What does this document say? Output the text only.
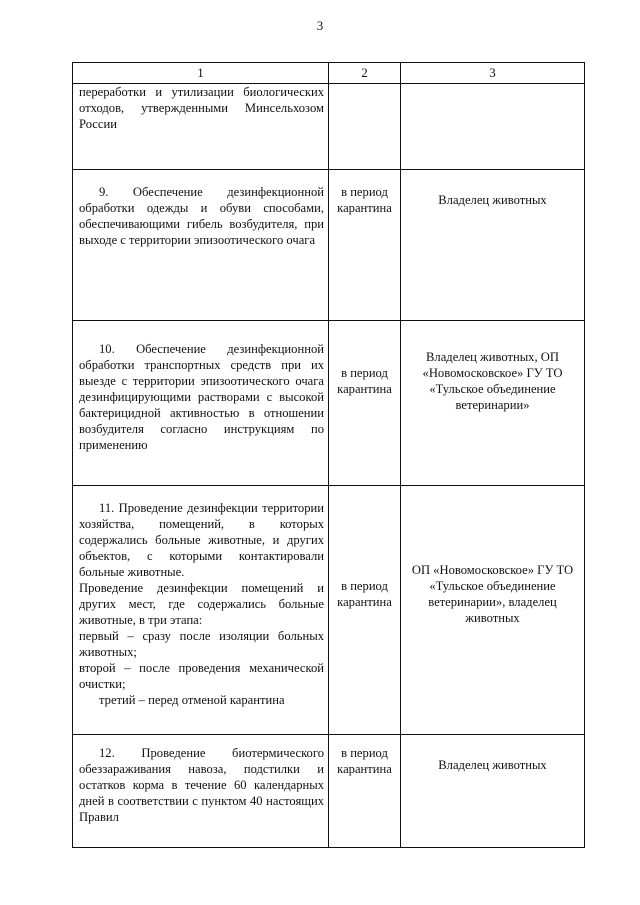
3
1	2	3

переработки и утилизации биологических отходов, утвержденными Минсельхозом России		

9. Обеспечение дезинфекционной обработки одежды и обуви способами, обеспечивающими гибель возбудителя, при выходе с территории эпизоотического очага	в период карантина	Владелец животных

10. Обеспечение дезинфекционной обработки транспортных средств при их выезде с территории эпизоотического очага дезинфицирующими растворами с высокой бактерицидной активностью в отношении возбудителя согласно инструкциям по применению	в период карантина	Владелец животных, ОП «Новомосковское» ГУ ТО «Тульское объединение ветеринарии»

11. Проведение дезинфекции территории хозяйства, помещений, в которых содержались больные животные, и других объектов, с которыми контактировали больные животные.

Проведение дезинфекции помещений и других мест, где содержались больные животные, в три этапа:

первый – сразу после изоляции больных животных;

второй – после проведения механической очистки;

третий – перед отменой карантина	в период карантина	ОП «Новомосковское» ГУ ТО «Тульское объединение ветеринарии», владелец животных

12. Проведение биотермического обеззараживания навоза, подстилки и остатков корма в течение 60 календарных дней в соответствии с пунктом 40 настоящих Правил	в период карантина	Владелец животных
